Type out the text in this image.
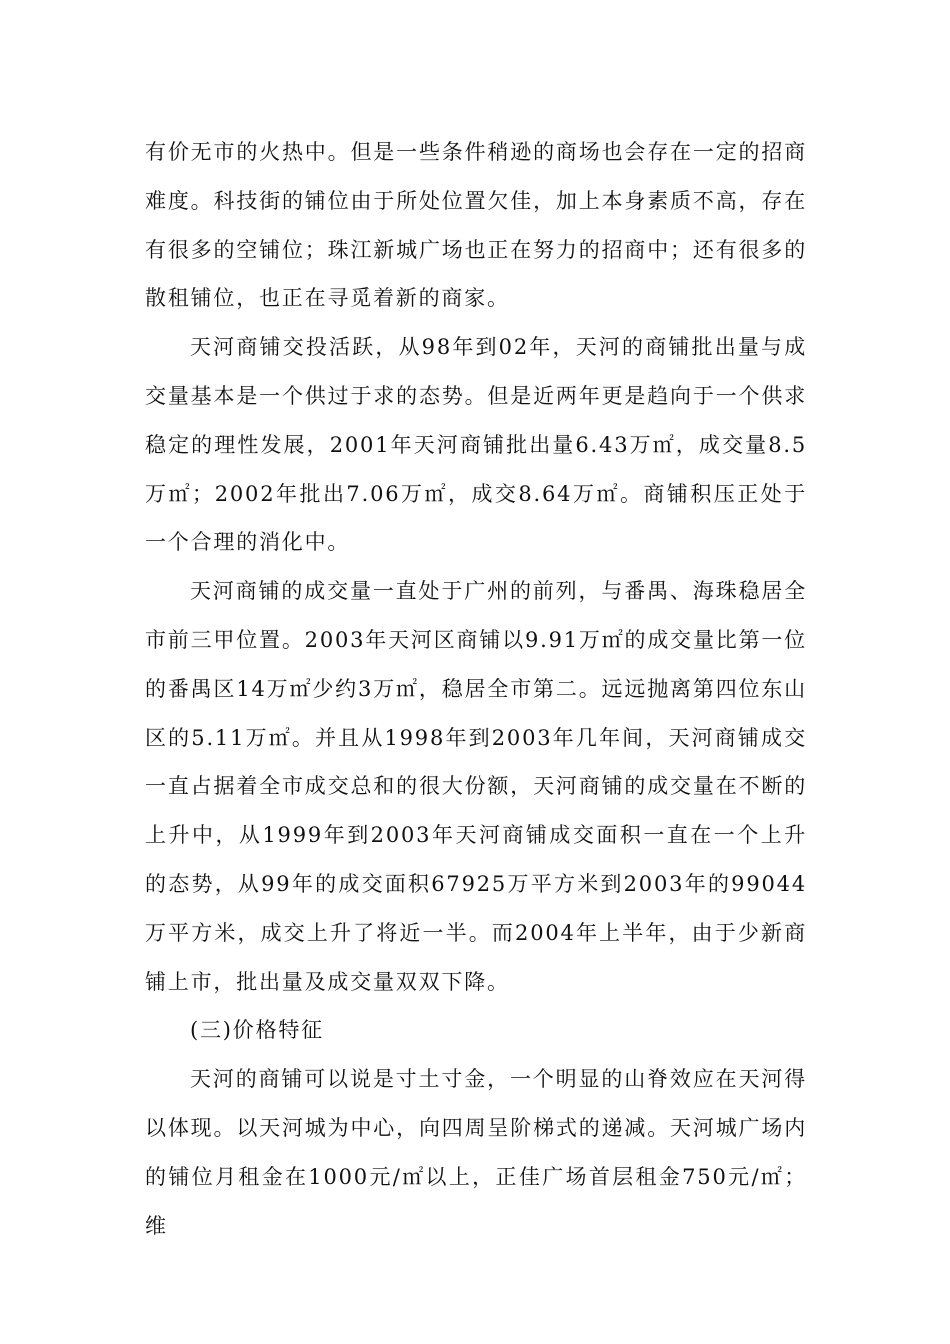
有价无市的火热中。但是一些条件稍逊的商场也会存在一定的招商难度。科技街的铺位由于所处位置欠佳，加上本身素质不高，存在有很多的空铺位；珠江新城广场也正在努力的招商中；还有很多的散租铺位，也正在寻觅着新的商家。

天河商铺交投活跃，从98年到02年，天河的商铺批出量与成交量基本是一个供过于求的态势。但是近两年更是趋向于一个供求稳定的理性发展，2001年天河商铺批出量6.43万㎡，成交量8.5万㎡；2002年批出7.06万㎡，成交8.64万㎡。商铺积压正处于一个合理的消化中。

天河商铺的成交量一直处于广州的前列，与番禺、海珠稳居全市前三甲位置。2003年天河区商铺以9.91万㎡的成交量比第一位的番禺区14万㎡少约3万㎡，稳居全市第二。远远抛离第四位东山区的5.11万㎡。并且从1998年到2003年几年间，天河商铺成交一直占据着全市成交总和的很大份额，天河商铺的成交量在不断的上升中，从1999年到2003年天河商铺成交面积一直在一个上升的态势，从99年的成交面积67925万平方米到2003年的99044万平方米，成交上升了将近一半。而2004年上半年，由于少新商铺上市，批出量及成交量双双下降。

(三)价格特征

天河的商铺可以说是寸土寸金，一个明显的山脊效应在天河得以体现。以天河城为中心，向四周呈阶梯式的递减。天河城广场内的铺位月租金在1000元/㎡以上，正佳广场首层租金750元/㎡；维
